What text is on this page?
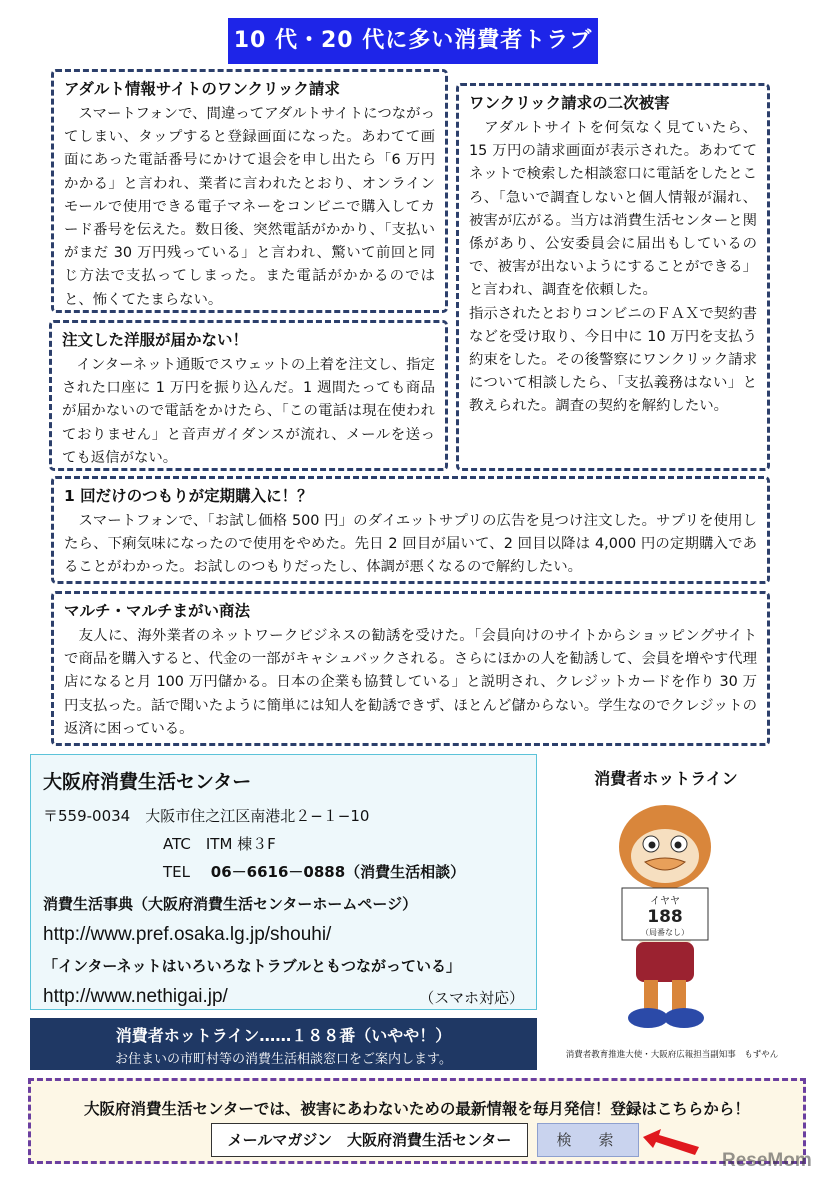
10 代・20 代に多い消費者トラブ
アダルト情報サイトのワンクリック請求

　スマートフォンで、間違ってアダルトサイトにつながってしまい、タップすると登録画面になった。あわてて画面にあった電話番号にかけて退会を申し出たら「6 万円かかる」と言われ、業者に言われたとおり、オンラインモールで使用できる電子マネーをコンビニで購入してカード番号を伝えた。数日後、突然電話がかかり、「支払いがまだ 30 万円残っている」と言われ、驚いて前回と同じ方法で支払ってしまった。また電話がかかるのではと、怖くてたまらない。

ワンクリック請求の二次被害

　アダルトサイトを何気なく見ていたら、15 万円の請求画面が表示された。あわててネットで検索した相談窓口に電話をしたところ、「急いで調査しないと個人情報が漏れ、被害が広がる。当方は消費生活センターと関係があり、公安委員会に届出もしているので、被害が出ないようにすることができる」と言われ、調査を依頼した。

指示されたとおりコンビニのＦＡＸで契約書などを受け取り、今日中に 10 万円を支払う約束をした。その後警察にワンクリック請求について相談したら、「支払義務はない」と教えられた。調査の契約を解約したい。

注文した洋服が届かない！

　インターネット通販でスウェットの上着を注文し、指定された口座に 1 万円を振り込んだ。1 週間たっても商品が届かないので電話をかけたら、「この電話は現在使われておりません」と音声ガイダンスが流れ、メールを送っても返信がない。

1 回だけのつもりが定期購入に！？

　スマートフォンで、「お試し価格 500 円」のダイエットサプリの広告を見つけ注文した。サプリを使用したら、下痢気味になったので使用をやめた。先日 2 回目が届いて、2 回目以降は 4,000 円の定期購入であることがわかった。お試しのつもりだったし、体調が悪くなるので解約したい。

マルチ・マルチまがい商法

　友人に、海外業者のネットワークビジネスの勧誘を受けた。「会員向けのサイトからショッピングサイトで商品を購入すると、代金の一部がキャシュバックされる。さらにほかの人を勧誘して、会員を増やす代理店になると月 100 万円儲かる。日本の企業も協賛している」と説明され、クレジットカードを作り 30 万円支払った。話で聞いたように簡単には知人を勧誘できず、ほとんど儲からない。学生なのでクレジットの返済に困っている。

大阪府消費生活センター
〒559-0034　大阪市住之江区南港北２−１−10
ATC　ITM 棟３F
TEL 06－6616－0888（消費生活相談）
消費生活事典（大阪府消費生活センターホームページ）
http://www.pref.osaka.lg.jp/shouhi/
「インターネットはいろいろなトラブルともつながっている」
http://www.nethigai.jp/	（スマホ対応）
消費者ホットライン……１８８番（いやや！）
お住まいの市町村等の消費生活相談窓口をご案内します。
消費者ホットライン
イヤヤ
188
（局番なし）
消費者教育推進大使・大阪府広報担当副知事　もずやん
大阪府消費生活センターでは、被害にあわないための最新情報を毎月発信！登録はこちらから！
メールマガジン　大阪府消費生活センター	検　索
ReseMom
